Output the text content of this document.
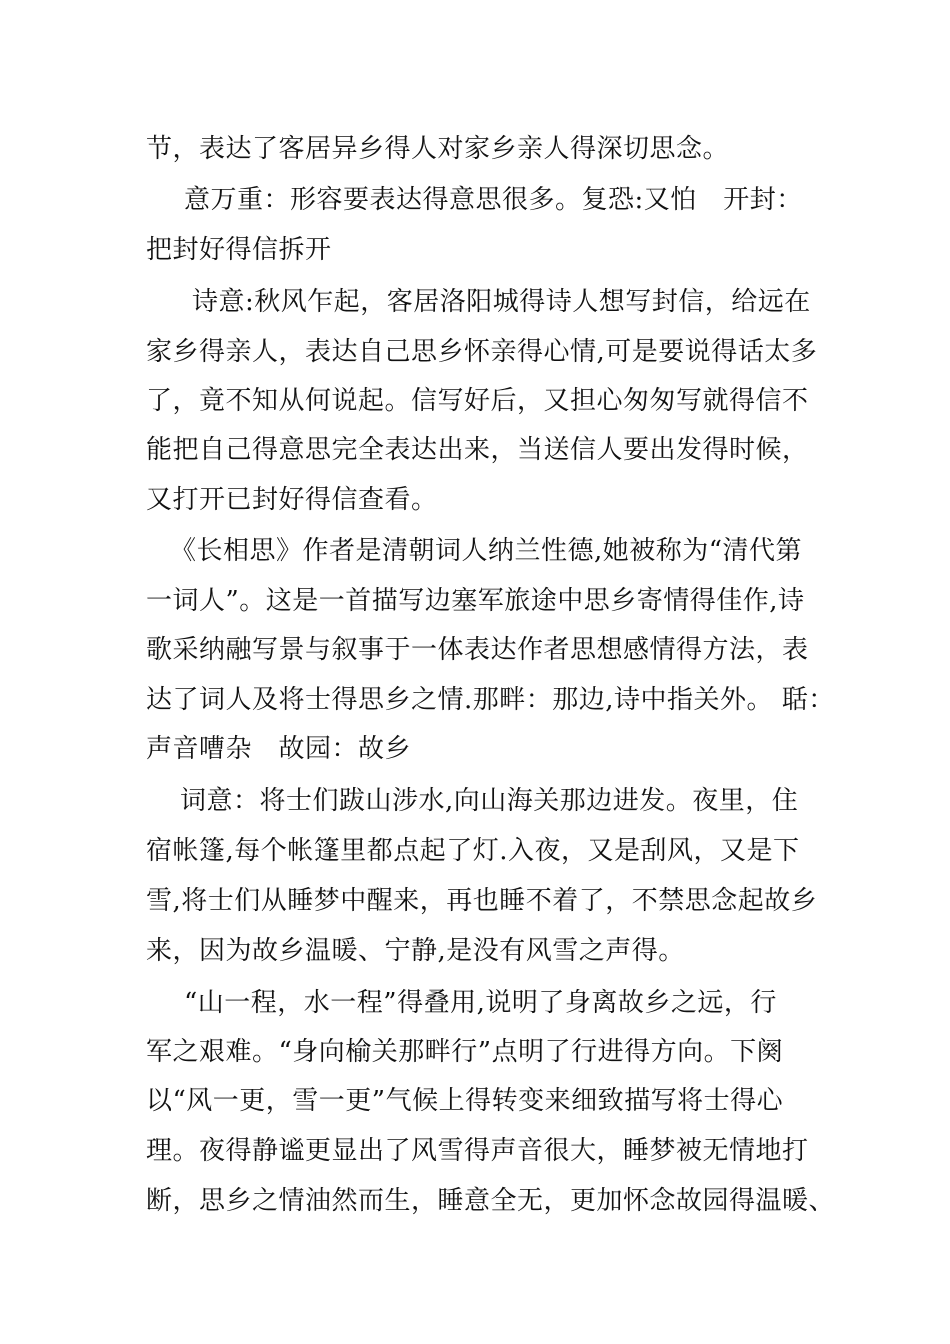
节，表达了客居异乡得人对家乡亲人得深切思念。
意万重：形容要表达得意思很多。复恐:又怕　开封：
把封好得信拆开
诗意:秋风乍起，客居洛阳城得诗人想写封信，给远在
家乡得亲人，表达自己思乡怀亲得心情,可是要说得话太多
了，竟不知从何说起。信写好后，又担心匆匆写就得信不
能把自己得意思完全表达出来，当送信人要出发得时候，
又打开已封好得信查看。
《长相思》作者是清朝词人纳兰性德,她被称为“清代第
一词人”。这是一首描写边塞军旅途中思乡寄情得佳作,诗
歌采纳融写景与叙事于一体表达作者思想感情得方法，表
达了词人及将士得思乡之情.那畔：那边,诗中指关外。 聒：
声音嘈杂　故园：故乡
词意：将士们跋山涉水,向山海关那边进发。夜里，住
宿帐篷,每个帐篷里都点起了灯.入夜，又是刮风，又是下
雪,将士们从睡梦中醒来，再也睡不着了，不禁思念起故乡
来，因为故乡温暖、宁静,是没有风雪之声得。
“山一程，水一程”得叠用,说明了身离故乡之远，行
军之艰难。“身向榆关那畔行”点明了行进得方向。下阕
以“风一更，雪一更”气候上得转变来细致描写将士得心
理。夜得静谧更显出了风雪得声音很大，睡梦被无情地打
断，思乡之情油然而生，睡意全无，更加怀念故园得温暖、
